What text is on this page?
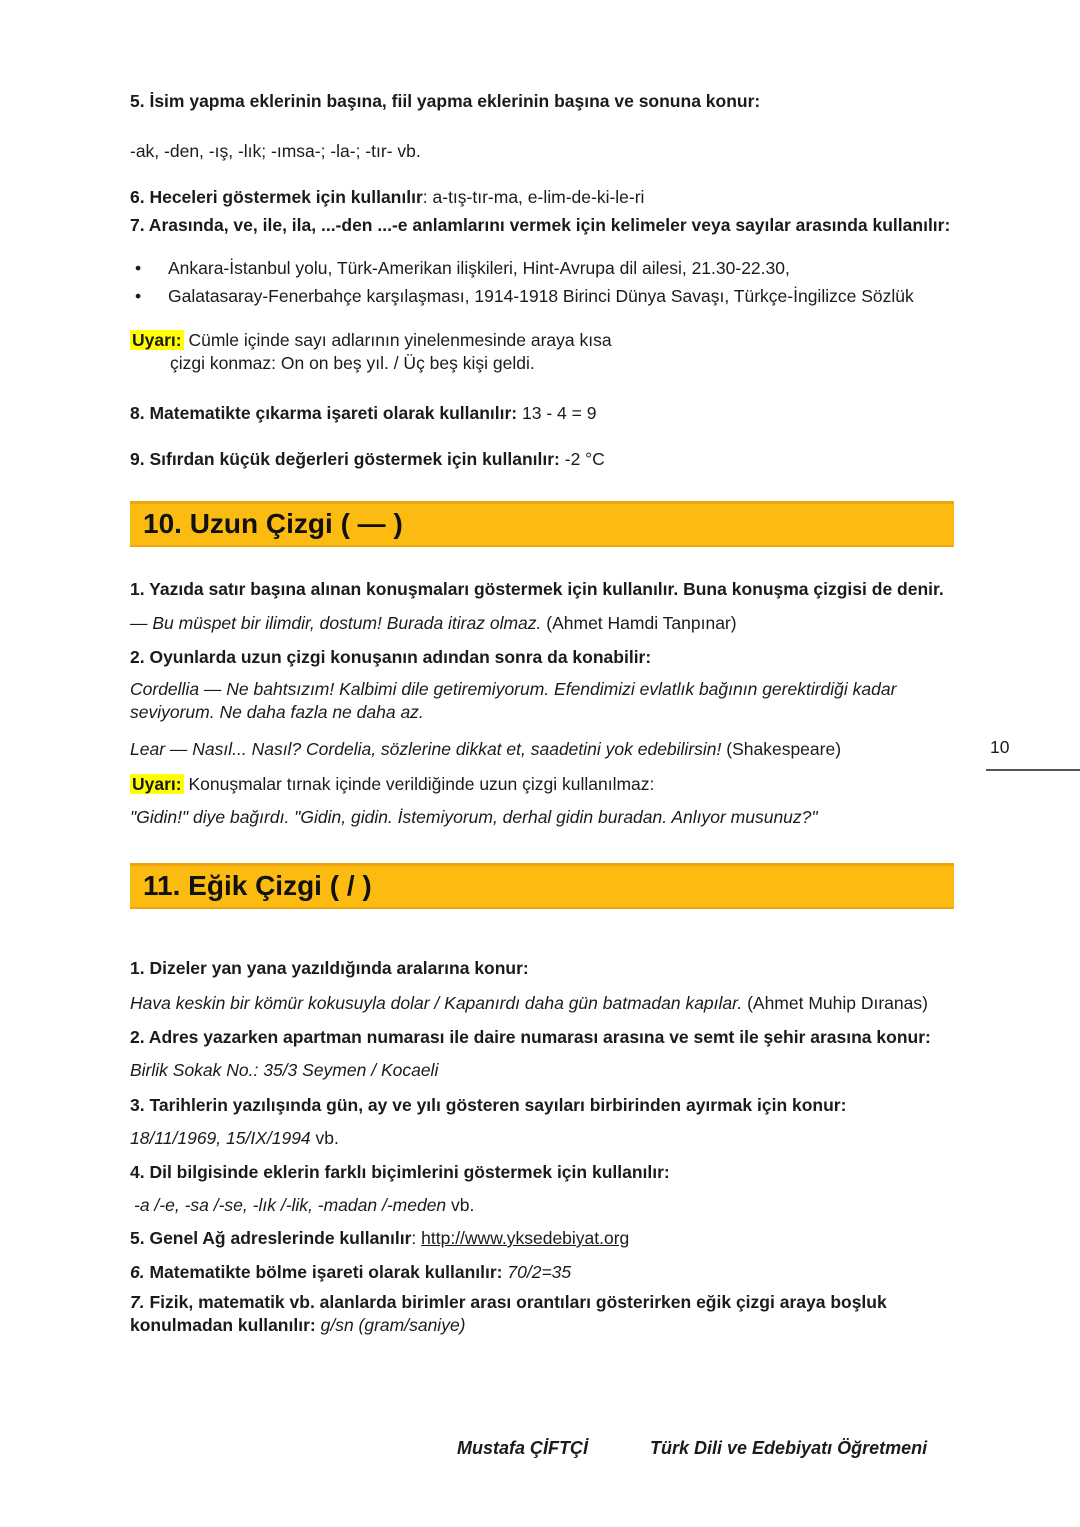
5. İsim yapma eklerinin başına, fiil yapma eklerinin başına ve sonuna konur:

-ak, -den, -ış, -lık; -ımsa-; -la-; -tır- vb.

6. Heceleri göstermek için kullanılır: a-tış-tır-ma, e-lim-de-ki-le-ri

7. Arasında, ve, ile, ila, ...-den ...-e anlamlarını vermek için kelimeler veya sayılar arasında kullanılır:

•	Ankara-İstanbul yolu, Türk-Amerikan ilişkileri, Hint-Avrupa dil ailesi, 21.30-22.30,
•	Galatasaray-Fenerbahçe karşılaşması, 1914-1918 Birinci Dünya Savaşı, Türkçe-İngilizce Sözlük

Uyarı: Cümle içinde sayı adlarının yinelenmesinde araya kısa
çizgi konmaz: On on beş yıl. / Üç beş kişi geldi.

8. Matematikte çıkarma işareti olarak kullanılır: 13 - 4 = 9

9. Sıfırdan küçük değerleri göstermek için kullanılır: -2 °C

10. Uzun Çizgi ( — )

1. Yazıda satır başına alınan konuşmaları göstermek için kullanılır. Buna konuşma çizgisi de denir.

— Bu müspet bir ilimdir, dostum! Burada itiraz olmaz. (Ahmet Hamdi Tanpınar)

2. Oyunlarda uzun çizgi konuşanın adından sonra da konabilir:

Cordellia — Ne bahtsızım! Kalbimi dile getiremiyorum. Efendimizi evlatlık bağının gerektirdiği kadar seviyorum. Ne daha fazla ne daha az.

Lear — Nasıl... Nasıl? Cordelia, sözlerine dikkat et, saadetini yok edebilirsin! (Shakespeare)

Uyarı: Konuşmalar tırnak içinde verildiğinde uzun çizgi kullanılmaz:

"Gidin!" diye bağırdı. "Gidin, gidin. İstemiyorum, derhal gidin buradan. Anlıyor musunuz?"

11. Eğik Çizgi ( / )

1. Dizeler yan yana yazıldığında aralarına konur:

Hava keskin bir kömür kokusuyla dolar / Kapanırdı daha gün batmadan kapılar. (Ahmet Muhip Dıranas)

2. Adres yazarken apartman numarası ile daire numarası arasına ve semt ile şehir arasına konur:

Birlik Sokak No.: 35/3 Seymen / Kocaeli

3. Tarihlerin yazılışında gün, ay ve yılı gösteren sayıları birbirinden ayırmak için konur:

18/11/1969, 15/IX/1994 vb.

4. Dil bilgisinde eklerin farklı biçimlerini göstermek için kullanılır:

-a /-e, -sa /-se, -lık /-lik, -madan /-meden vb.

5. Genel Ağ adreslerinde kullanılır: http://www.yksedebiyat.org

6. Matematikte bölme işareti olarak kullanılır: 70/2=35

7. Fizik, matematik vb. alanlarda birimler arası orantıları gösterirken eğik çizgi araya boşluk konulmadan kullanılır: g/sn (gram/saniye)

10
Mustafa ÇİFTÇİ	Türk Dili ve Edebiyatı Öğretmeni
